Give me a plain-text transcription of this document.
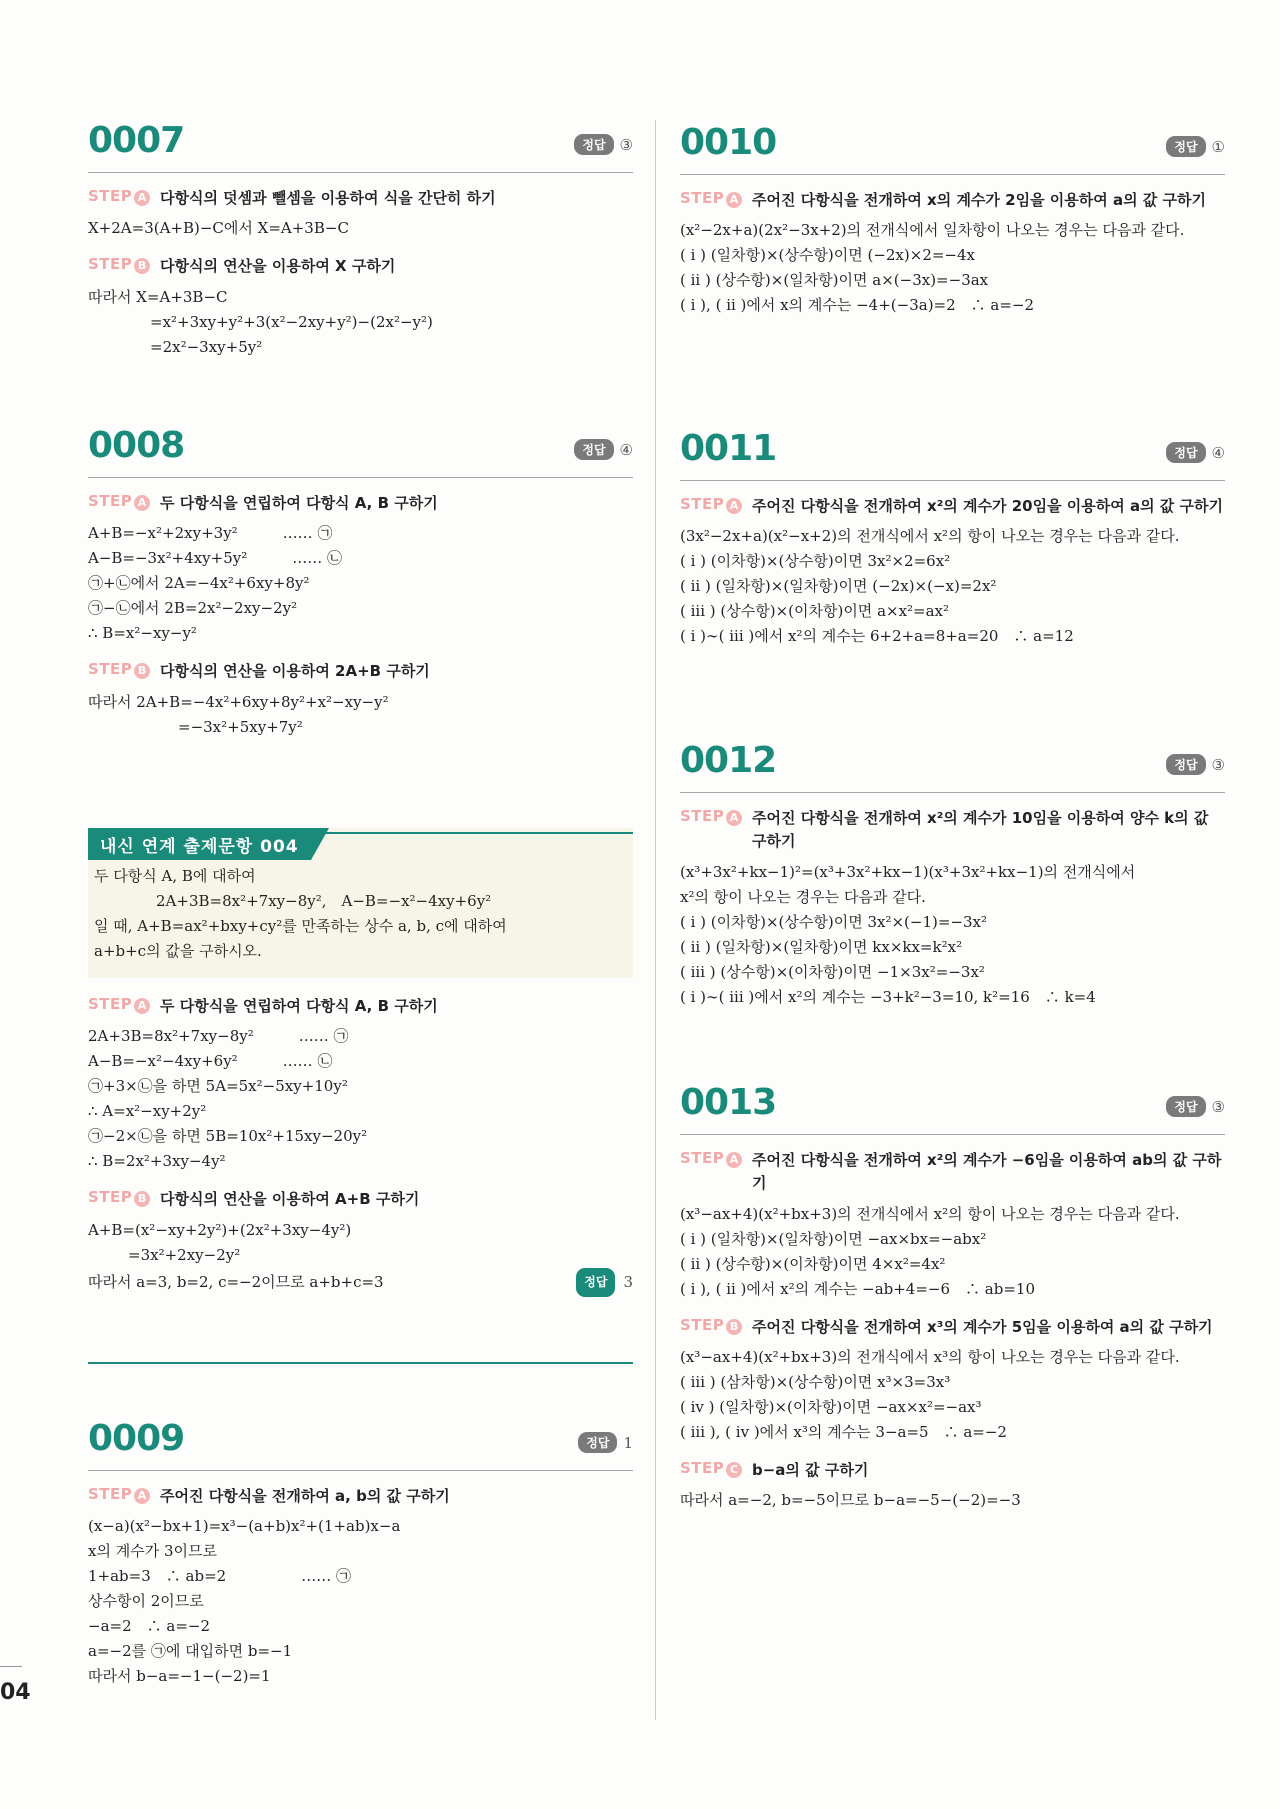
0007	정답 ③
STEP A 다항식의 덧셈과 뺄셈을 이용하여 식을 간단히 하기
X+2A=3(A+B)−C에서 X=A+3B−C
STEP B 다항식의 연산을 이용하여 X 구하기
따라서 X=A+3B−C
=x²+3xy+y²+3(x²−2xy+y²)−(2x²−y²)
=2x²−3xy+5y²
0008	정답 ④
STEP A 두 다항식을 연립하여 다항식 A, B 구하기
A+B=−x²+2xy+3y²　　　…… ㉠
A−B=−3x²+4xy+5y²　　　…… ㉡
㉠+㉡에서 2A=−4x²+6xy+8y²
㉠−㉡에서 2B=2x²−2xy−2y²
∴ B=x²−xy−y²
STEP B 다항식의 연산을 이용하여 2A+B 구하기
따라서 2A+B=−4x²+6xy+8y²+x²−xy−y²
=−3x²+5xy+7y²
내신 연계 출제문항 004
두 다항식 A, B에 대하여
2A+3B=8x²+7xy−8y²,　A−B=−x²−4xy+6y²
일 때, A+B=ax²+bxy+cy²를 만족하는 상수 a, b, c에 대하여
a+b+c의 값을 구하시오.
STEP A 두 다항식을 연립하여 다항식 A, B 구하기
2A+3B=8x²+7xy−8y²　　　…… ㉠
A−B=−x²−4xy+6y²　　　…… ㉡
㉠+3×㉡을 하면 5A=5x²−5xy+10y²
∴ A=x²−xy+2y²
㉠−2×㉡을 하면 5B=10x²+15xy−20y²
∴ B=2x²+3xy−4y²
STEP B 다항식의 연산을 이용하여 A+B 구하기
A+B=(x²−xy+2y²)+(2x²+3xy−4y²)
=3x²+2xy−2y²
따라서 a=3, b=2, c=−2이므로 a+b+c=3	정답	3
0009	정답 1
STEP A 주어진 다항식을 전개하여 a, b의 값 구하기
(x−a)(x²−bx+1)=x³−(a+b)x²+(1+ab)x−a
x의 계수가 3이므로
1+ab=3　∴ ab=2　　　　　…… ㉠
상수항이 2이므로
−a=2　∴ a=−2
a=−2를 ㉠에 대입하면 b=−1
따라서 b−a=−1−(−2)=1
04
0010	정답 ①
STEP A 주어진 다항식을 전개하여 x의 계수가 2임을 이용하여 a의 값 구하기
(x²−2x+a)(2x²−3x+2)의 전개식에서 일차항이 나오는 경우는 다음과 같다.
( i ) (일차항)×(상수항)이면 (−2x)×2=−4x
( ii ) (상수항)×(일차항)이면 a×(−3x)=−3ax
( i ), ( ii )에서 x의 계수는 −4+(−3a)=2　∴ a=−2
0011	정답 ④
STEP A 주어진 다항식을 전개하여 x²의 계수가 20임을 이용하여 a의 값 구하기
(3x²−2x+a)(x²−x+2)의 전개식에서 x²의 항이 나오는 경우는 다음과 같다.
( i ) (이차항)×(상수항)이면 3x²×2=6x²
( ii ) (일차항)×(일차항)이면 (−2x)×(−x)=2x²
( iii ) (상수항)×(이차항)이면 a×x²=ax²
( i )∼( iii )에서 x²의 계수는 6+2+a=8+a=20　∴ a=12
0012	정답 ③
STEP A 주어진 다항식을 전개하여 x²의 계수가 10임을 이용하여 양수 k의 값 구하기
(x³+3x²+kx−1)²=(x³+3x²+kx−1)(x³+3x²+kx−1)의 전개식에서
x²의 항이 나오는 경우는 다음과 같다.
( i ) (이차항)×(상수항)이면 3x²×(−1)=−3x²
( ii ) (일차항)×(일차항)이면 kx×kx=k²x²
( iii ) (상수항)×(이차항)이면 −1×3x²=−3x²
( i )∼( iii )에서 x²의 계수는 −3+k²−3=10, k²=16　∴ k=4
0013	정답 ③
STEP A 주어진 다항식을 전개하여 x²의 계수가 −6임을 이용하여 ab의 값 구하기
(x³−ax+4)(x²+bx+3)의 전개식에서 x²의 항이 나오는 경우는 다음과 같다.
( i ) (일차항)×(일차항)이면 −ax×bx=−abx²
( ii ) (상수항)×(이차항)이면 4×x²=4x²
( i ), ( ii )에서 x²의 계수는 −ab+4=−6　∴ ab=10
STEP B 주어진 다항식을 전개하여 x³의 계수가 5임을 이용하여 a의 값 구하기
(x³−ax+4)(x²+bx+3)의 전개식에서 x³의 항이 나오는 경우는 다음과 같다.
( iii ) (삼차항)×(상수항)이면 x³×3=3x³
( iv ) (일차항)×(이차항)이면 −ax×x²=−ax³
( iii ), ( iv )에서 x³의 계수는 3−a=5　∴ a=−2
STEP C b−a의 값 구하기
따라서 a=−2, b=−5이므로 b−a=−5−(−2)=−3
